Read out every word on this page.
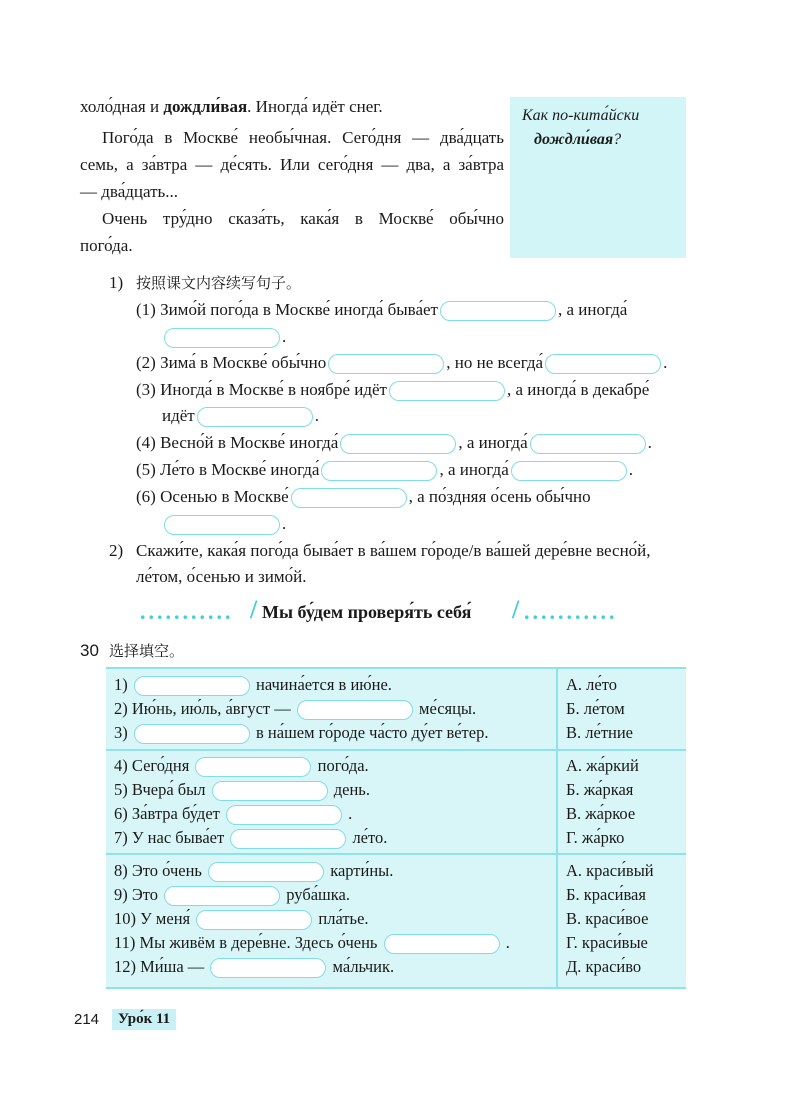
холо́дная и дождли́вая. Иногда́ идёт снег.
Пого́да в Москве́ необы́чная. Сего́дня — два́дцать
семь, а за́втра — де́сять. Или сего́дня — два, а за́втра
— два́дцать...
Очень тру́дно сказа́ть, кака́я в Москве́ обы́чно
пого́да.
Как по-кита́йски
дождли́вая?
1) 按照课文内容续写句子。
(1) Зимо́й пого́да в Москве́ иногда́ быва́ет	, а иногда́
.
(2) Зима́ в Москве́ обы́чно	, но не всегда́	.
(3) Иногда́ в Москве́ в ноябре́ идёт	, а иногда́ в декабре́
идёт	.
(4) Весно́й в Москве́ иногда́	, а иногда́	.
(5) Ле́то в Москве́ иногда́	, а иногда́	.
(6) Осенью в Москве́	, а по́здняя о́сень обы́чно
.
2) Скажи́те, кака́я пого́да быва́ет в ва́шем го́роде/в ва́шей дере́вне весно́й,
ле́том, о́сенью и зимо́й.
........... / Мы бу́дем проверя́ть себя́ / ...........
30 选择填空。
1)	начина́ется в ию́не.
2) Ию́нь, ию́ль, а́вгуст —	ме́сяцы.
3)	в на́шем го́роде ча́сто ду́ет ве́тер.
А. ле́то
Б. ле́том
В. ле́тние
4) Сего́дня	пого́да.
5) Вчера́ был	день.
6) За́втра бу́дет	.
7) У нас быва́ет	ле́то.
А. жа́ркий
Б. жа́ркая
В. жа́ркое
Г. жа́рко
8) Это о́чень	карти́ны.
9) Это	руба́шка.
10) У меня́	пла́тье.
11) Мы живём в дере́вне. Здесь о́чень	.
12) Ми́ша —	ма́льчик.
А. краси́вый
Б. краси́вая
В. краси́вое
Г. краси́вые
Д. краси́во
214	Уро́к 11
